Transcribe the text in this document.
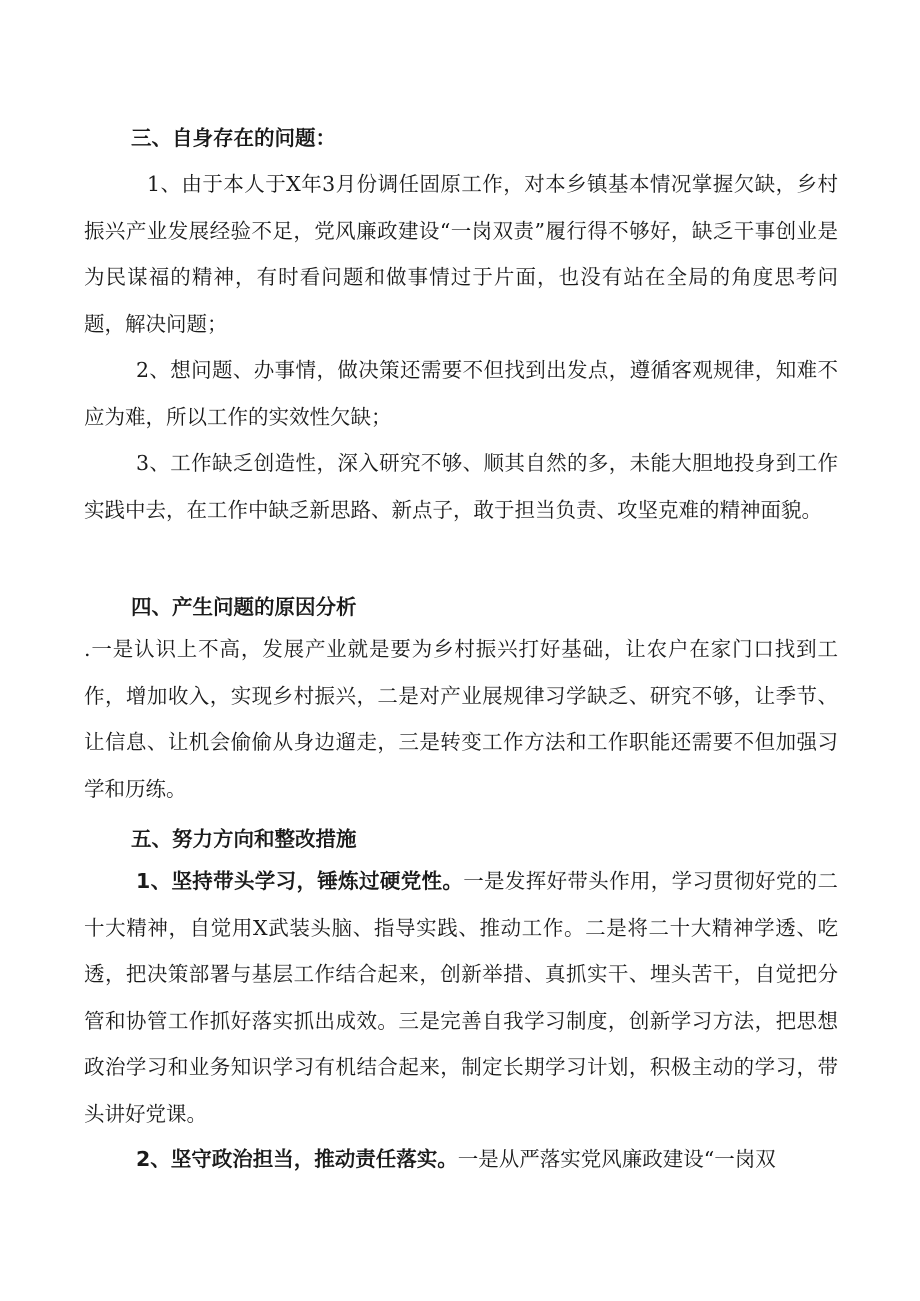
三、自身存在的问题：
1、由于本人于X年3月份调任固原工作，对本乡镇基本情况掌握欠缺，乡村振兴产业发展经验不足，党风廉政建设“一岗双责”履行得不够好，缺乏干事创业是为民谋福的精神，有时看问题和做事情过于片面，也没有站在全局的角度思考问题，解决问题；
2、想问题、办事情，做决策还需要不但找到出发点，遵循客观规律，知难不应为难，所以工作的实效性欠缺；
3、工作缺乏创造性，深入研究不够、顺其自然的多，未能大胆地投身到工作实践中去，在工作中缺乏新思路、新点子，敢于担当负责、攻坚克难的精神面貌。
四、产生问题的原因分析
.一是认识上不高，发展产业就是要为乡村振兴打好基础，让农户在家门口找到工作，增加收入，实现乡村振兴，二是对产业展规律习学缺乏、研究不够，让季节、让信息、让机会偷偷从身边遛走，三是转变工作方法和工作职能还需要不但加强习学和历练。
五、努力方向和整改措施
1、坚持带头学习，锤炼过硬党性。一是发挥好带头作用，学习贯彻好党的二十大精神，自觉用X武装头脑、指导实践、推动工作。二是将二十大精神学透、吃透，把决策部署与基层工作结合起来，创新举措、真抓实干、埋头苦干，自觉把分管和协管工作抓好落实抓出成效。三是完善自我学习制度，创新学习方法，把思想政治学习和业务知识学习有机结合起来，制定长期学习计划，积极主动的学习，带头讲好党课。
2、坚守政治担当，推动责任落实。一是从严落实党风廉政建设“一岗双
